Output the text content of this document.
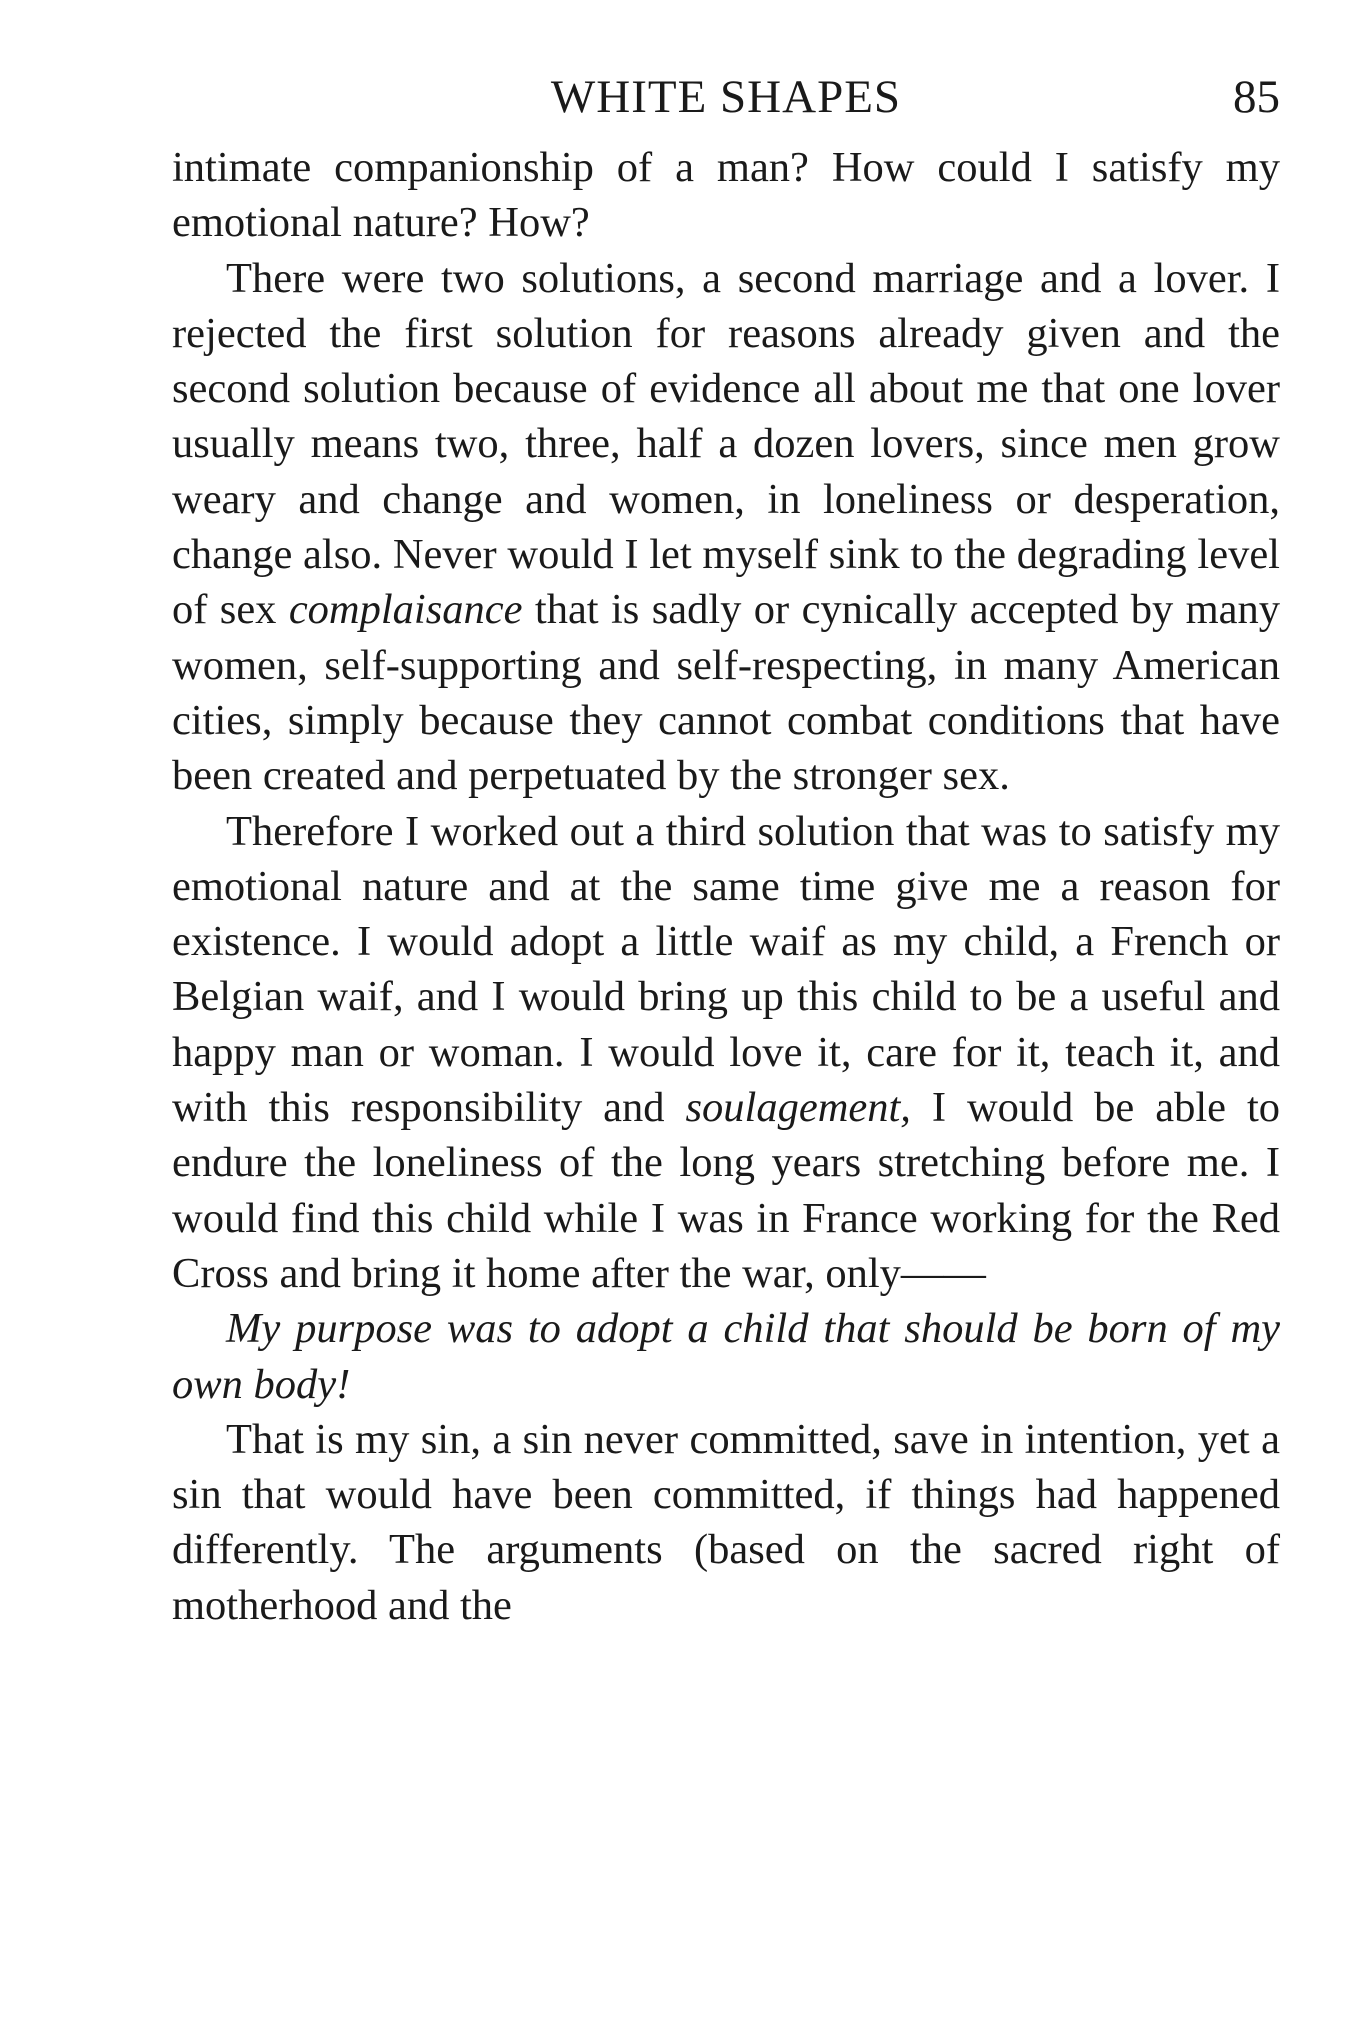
WHITE SHAPES	85

intimate companionship of a man? How could I satisfy my emotional nature? How?

There were two solutions, a second marriage and a lover. I rejected the first solution for reasons already given and the second solution because of evidence all about me that one lover usually means two, three, half a dozen lovers, since men grow weary and change and women, in loneliness or desperation, change also. Never would I let myself sink to the degrading level of sex complaisance that is sadly or cynically accepted by many women, self-supporting and self-respecting, in many American cities, simply because they cannot combat conditions that have been created and perpetuated by the stronger sex.

Therefore I worked out a third solution that was to satisfy my emotional nature and at the same time give me a reason for existence. I would adopt a little waif as my child, a French or Belgian waif, and I would bring up this child to be a useful and happy man or woman. I would love it, care for it, teach it, and with this responsibility and soulagement, I would be able to endure the loneliness of the long years stretching before me. I would find this child while I was in France working for the Red Cross and bring it home after the war, only——

My purpose was to adopt a child that should be born of my own body!

That is my sin, a sin never committed, save in intention, yet a sin that would have been committed, if things had happened differently. The arguments (based on the sacred right of motherhood and the
